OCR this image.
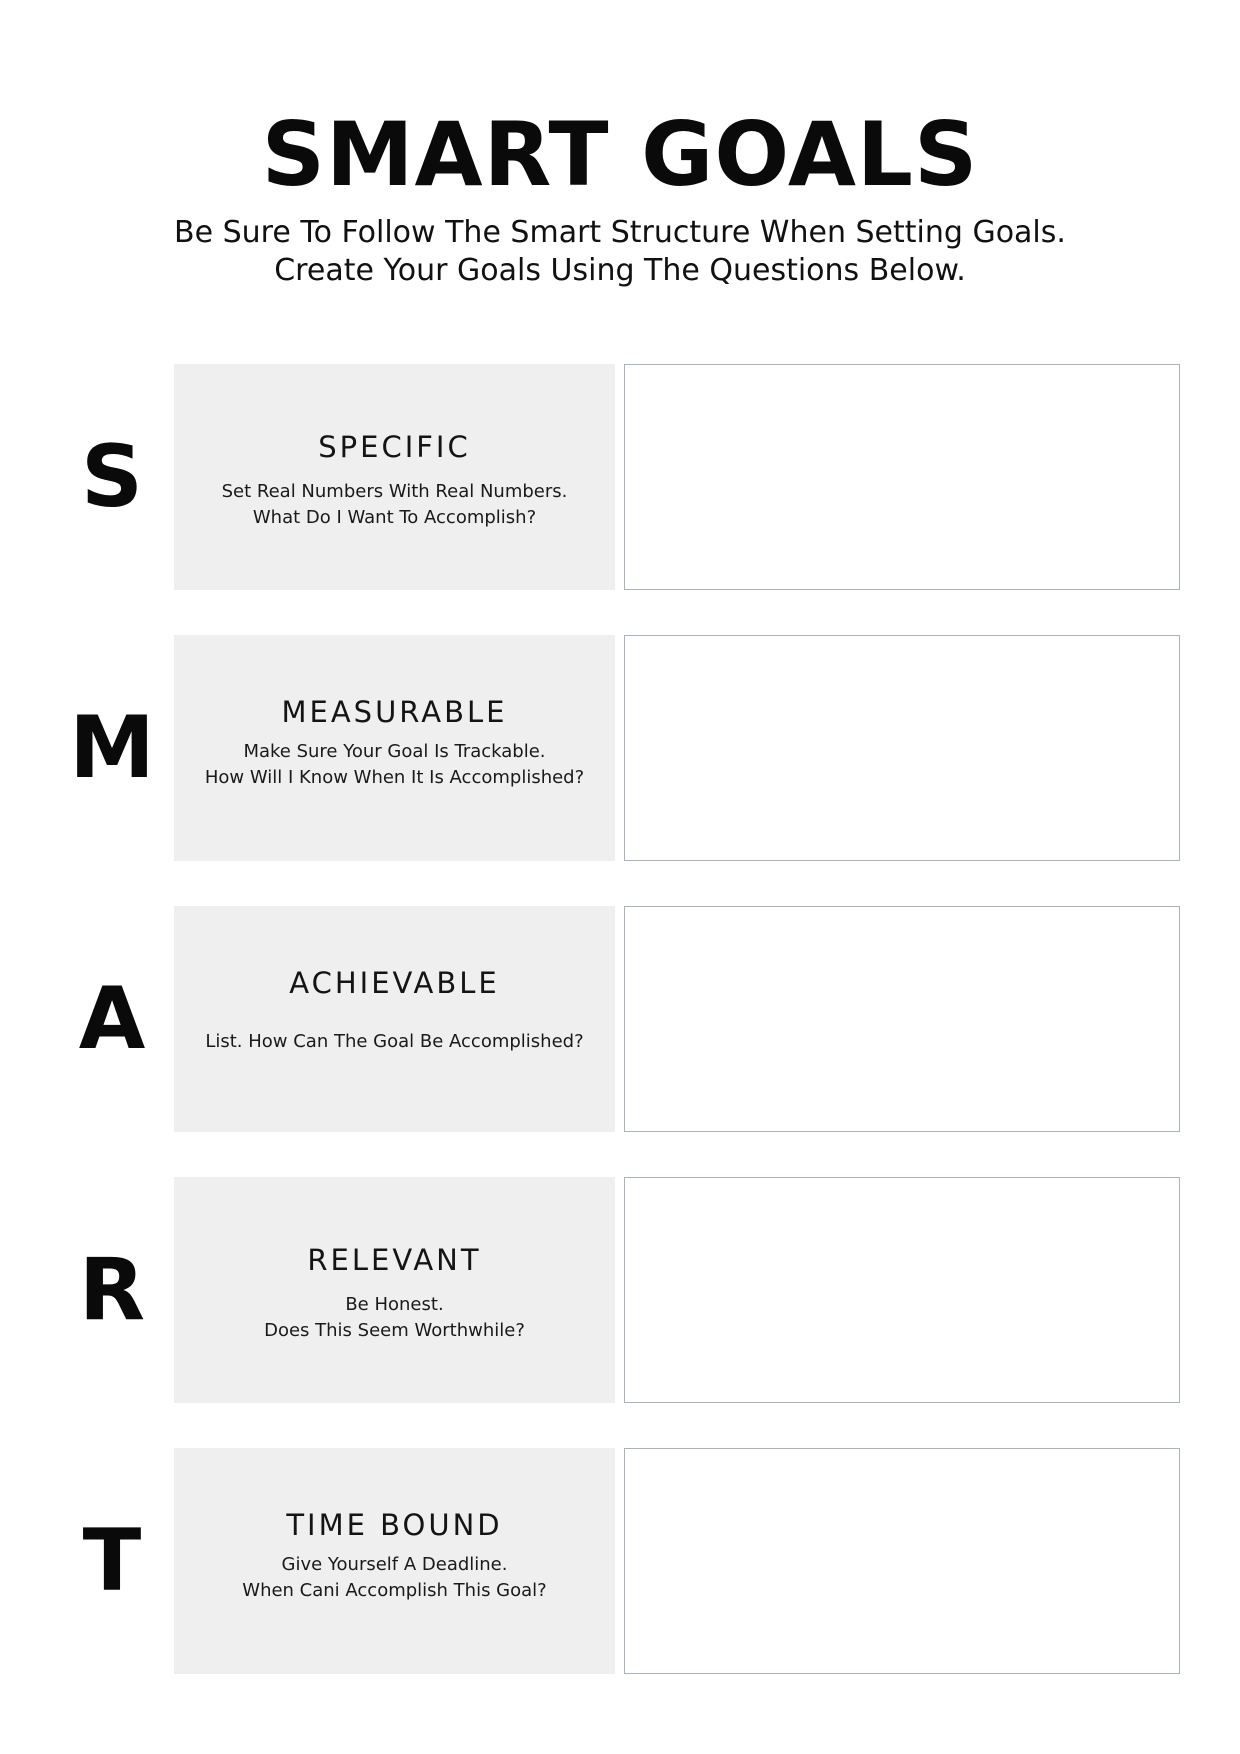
SMART GOALS
Be Sure To Follow The Smart Structure When Setting Goals.
Create Your Goals Using The Questions Below.
S	SPECIFIC
Set Real Numbers With Real Numbers.
What Do I Want To Accomplish?
M	MEASURABLE
Make Sure Your Goal Is Trackable.
How Will I Know When It Is Accomplished?
A	ACHIEVABLE
List. How Can The Goal Be Accomplished?
R	RELEVANT
Be Honest.
Does This Seem Worthwhile?
T	TIME BOUND
Give Yourself A Deadline.
When Cani Accomplish This Goal?
